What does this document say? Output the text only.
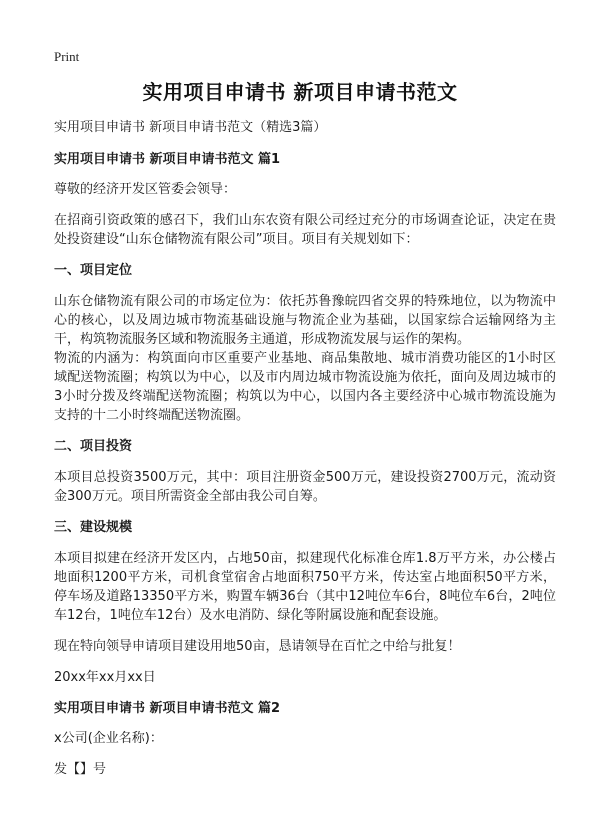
Print
实用项目申请书 新项目申请书范文

实用项目申请书 新项目申请书范文（精选3篇）

实用项目申请书 新项目申请书范文 篇1

尊敬的经济开发区管委会领导：

在招商引资政策的感召下，我们山东农资有限公司经过充分的市场调查论证，决定在贵处投资建设“山东仓储物流有限公司”项目。项目有关规划如下：

一、项目定位

山东仓储物流有限公司的市场定位为：依托苏鲁豫皖四省交界的特殊地位，以为物流中心的核心，以及周边城市物流基础设施与物流企业为基础，以国家综合运输网络为主干，构筑物流服务区域和物流服务主通道，形成物流发展与运作的架构。

物流的内涵为：构筑面向市区重要产业基地、商品集散地、城市消费功能区的1小时区域配送物流圈；构筑以为中心，以及市内周边城市物流设施为依托，面向及周边城市的3小时分拨及终端配送物流圈；构筑以为中心，以国内各主要经济中心城市物流设施为支持的十二小时终端配送物流圈。

二、项目投资

本项目总投资3500万元，其中：项目注册资金500万元，建设投资2700万元，流动资金300万元。项目所需资金全部由我公司自筹。

三、建设规模

本项目拟建在经济开发区内，占地50亩，拟建现代化标准仓库1.8万平方米，办公楼占地面积1200平方米，司机食堂宿舍占地面积750平方米，传达室占地面积50平方米，停车场及道路13350平方米，购置车辆36台（其中12吨位车6台，8吨位车6台，2吨位车12台，1吨位车12台）及水电消防、绿化等附属设施和配套设施。

现在特向领导申请项目建设用地50亩，恳请领导在百忙之中给与批复！

20xx年xx月xx日

实用项目申请书 新项目申请书范文 篇2

x公司(企业名称)：

发【】号
